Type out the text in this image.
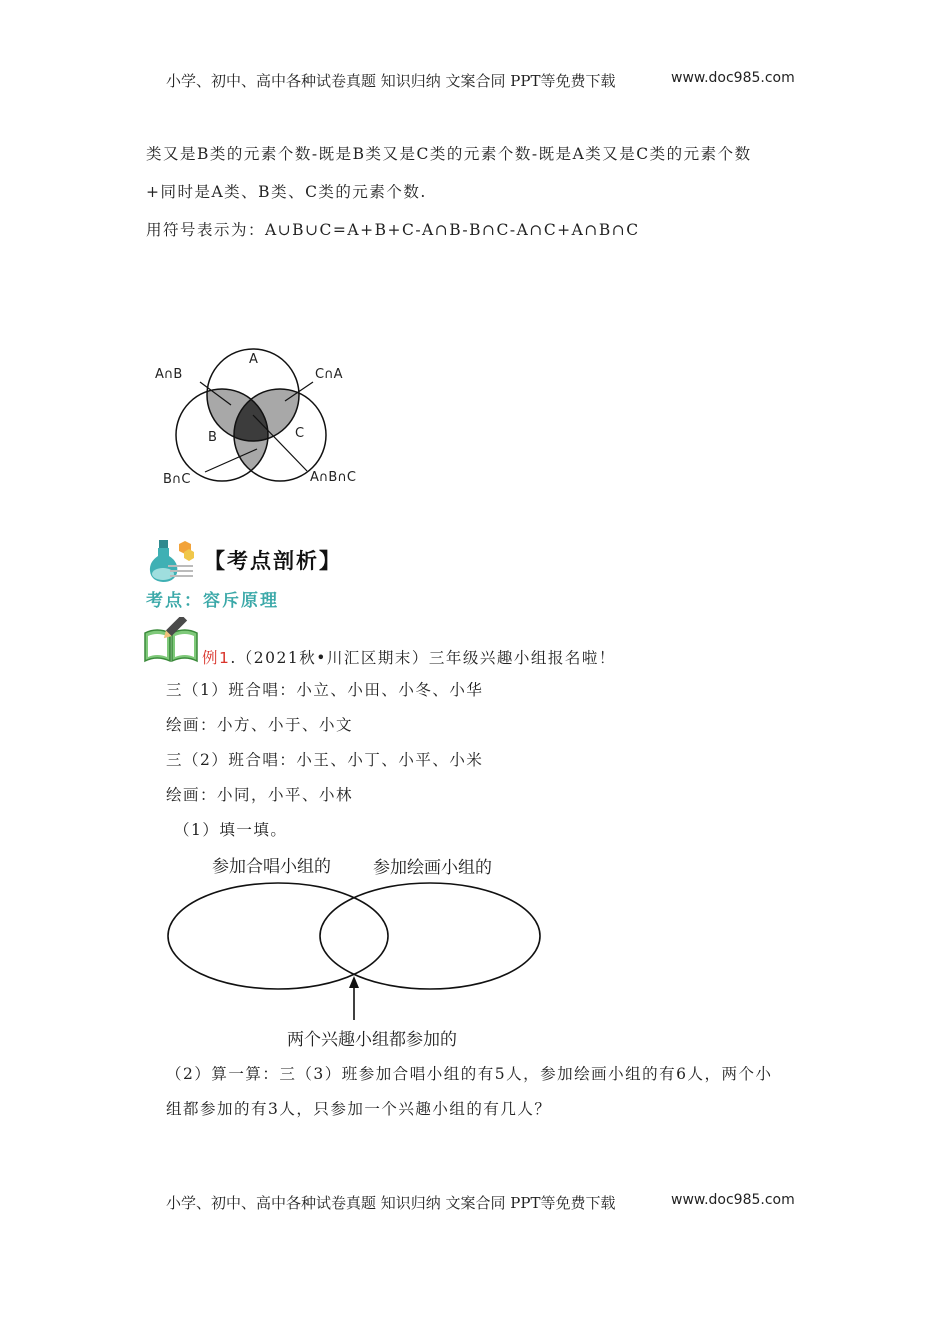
小学、初中、高中各种试卷真题 知识归纳 文案合同 PPT等免费下载	www.doc985.com
类又是B类的元素个数-既是B类又是C类的元素个数-既是A类又是C类的元素个数
+同时是A类、B类、C类的元素个数.
用符号表示为：A∪B∪C=A+B+C-A∩B-B∩C-A∩C+A∩B∩C
A
B	C
A∩B	C∩A
B∩C	A∩B∩C
【考点剖析】
考点：容斥原理
例1.（2021秋•川汇区期末）三年级兴趣小组报名啦！
三（1）班合唱：小立、小田、小冬、小华
绘画：小方、小于、小文
三（2）班合唱：小王、小丁、小平、小米
绘画：小同，小平、小林
（1）填一填。
参加合唱小组的 参加绘画小组的
两个兴趣小组都参加的
（2）算一算：三（3）班参加合唱小组的有5人，参加绘画小组的有6人，两个小
组都参加的有3人，只参加一个兴趣小组的有几人？
小学、初中、高中各种试卷真题 知识归纳 文案合同 PPT等免费下载	www.doc985.com
